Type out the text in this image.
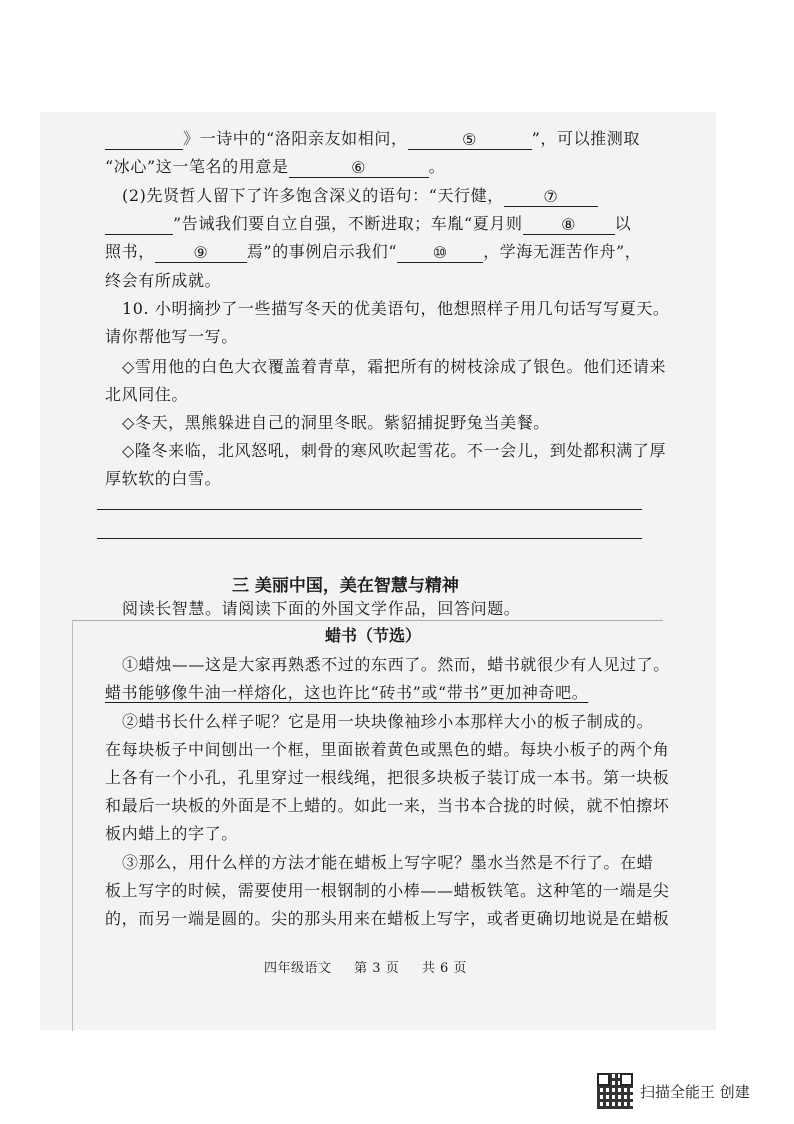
》一诗中的“洛阳亲友如相问，	⑤	”，可以推测取
“冰心”这一笔名的用意是	⑥	。
(2)先贤哲人留下了许多饱含深义的语句：“天行健， ⑦
”告诫我们要自立自强，不断进取；车胤“夏月则 ⑧ 以
照书， ⑨ 焉”的事例启示我们“ ⑩ ，学海无涯苦作舟”，
终会有所成就。
10. 小明摘抄了一些描写冬天的优美语句，他想照样子用几句话写写夏天。
请你帮他写一写。
◇雪用他的白色大衣覆盖着青草，霜把所有的树枝涂成了银色。他们还请来
北风同住。
◇冬天，黑熊躲进自己的洞里冬眠。紫貂捕捉野兔当美餐。
◇隆冬来临，北风怒吼，刺骨的寒风吹起雪花。不一会儿，到处都积满了厚
厚软软的白雪。
三 美丽中国，美在智慧与精神
阅读长智慧。请阅读下面的外国文学作品，回答问题。
蜡书（节选）
①蜡烛——这是大家再熟悉不过的东西了。然而，蜡书就很少有人见过了。
蜡书能够像牛油一样熔化，这也许比“砖书”或“带书”更加神奇吧。
②蜡书长什么样子呢？它是用一块块像袖珍小本那样大小的板子制成的。
在每块板子中间刨出一个框，里面嵌着黄色或黑色的蜡。每块小板子的两个角
上各有一个小孔，孔里穿过一根线绳，把很多块板子装订成一本书。第一块板
和最后一块板的外面是不上蜡的。如此一来，当书本合拢的时候，就不怕擦坏
板内蜡上的字了。
③那么，用什么样的方法才能在蜡板上写字呢？墨水当然是不行了。在蜡
板上写字的时候，需要使用一根钢制的小棒——蜡板铁笔。这种笔的一端是尖
的，而另一端是圆的。尖的那头用来在蜡板上写字，或者更确切地说是在蜡板
四年级语文 第 3 页 共 6 页
扫描全能王 创建
